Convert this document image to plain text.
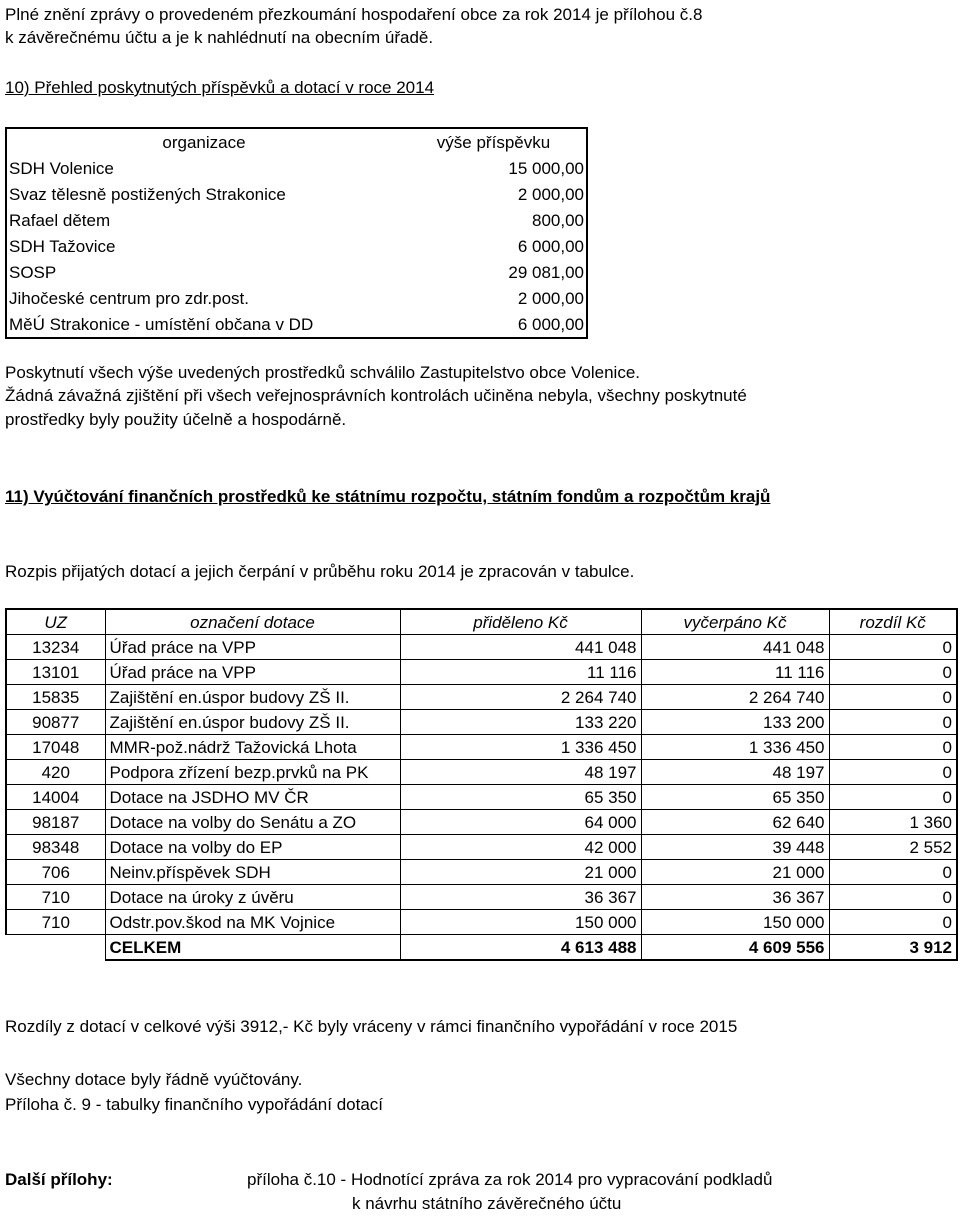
Plné znění zprávy o provedeném přezkoumání hospodaření obce za rok 2014 je přílohou č.8
k závěrečnému účtu a je k nahlédnutí na obecním úřadě.
10) Přehled poskytnutých příspěvků a dotací v roce 2014
organizace	výše příspěvku
SDH Volenice	15 000,00
Svaz tělesně postižených Strakonice	2 000,00
Rafael dětem	800,00
SDH Tažovice	6 000,00
SOSP	29 081,00
Jihočeské centrum pro zdr.post.	2 000,00
MěÚ Strakonice - umístění občana v DD	6 000,00
Poskytnutí všech výše uvedených prostředků schválilo Zastupitelstvo obce Volenice.
Žádná závažná zjištění při všech veřejnosprávních kontrolách učiněna nebyla, všechny poskytnuté
prostředky byly použity účelně a hospodárně.
11) Vyúčtování finančních prostředků ke státnímu rozpočtu, státním fondům a rozpočtům krajů
Rozpis přijatých dotací a jejich čerpání v průběhu roku 2014 je zpracován v tabulce.
UZ	označení dotace	přiděleno Kč	vyčerpáno Kč	rozdíl Kč
13234	Úřad práce na VPP	441 048	441 048	0
13101	Úřad práce na VPP	11 116	11 116	0
15835	Zajištění en.úspor budovy ZŠ II.	2 264 740	2 264 740	0
90877	Zajištění en.úspor budovy ZŠ II.	133 220	133 200	0
17048	MMR-pož.nádrž Tažovická Lhota	1 336 450	1 336 450	0
420	Podpora zřízení bezp.prvků na PK	48 197	48 197	0
14004	Dotace na JSDHO MV ČR	65 350	65 350	0
98187	Dotace na volby do Senátu a ZO	64 000	62 640	1 360
98348	Dotace na volby do EP	42 000	39 448	2 552
706	Neinv.příspěvek SDH	21 000	21 000	0
710	Dotace na úroky z úvěru	36 367	36 367	0
710	Odstr.pov.škod na MK Vojnice	150 000	150 000	0
	CELKEM	4 613 488	4 609 556	3 912
Rozdíly z dotací v celkové výši 3912,- Kč byly vráceny v rámci finančního vypořádání v roce 2015
Všechny dotace byly řádně vyúčtovány.
Příloha č. 9 - tabulky finančního vypořádání dotací
Další přílohy:	příloha č.10 - Hodnotící zpráva za rok 2014 pro vypracování podkladů
k návrhu státního závěrečného účtu
